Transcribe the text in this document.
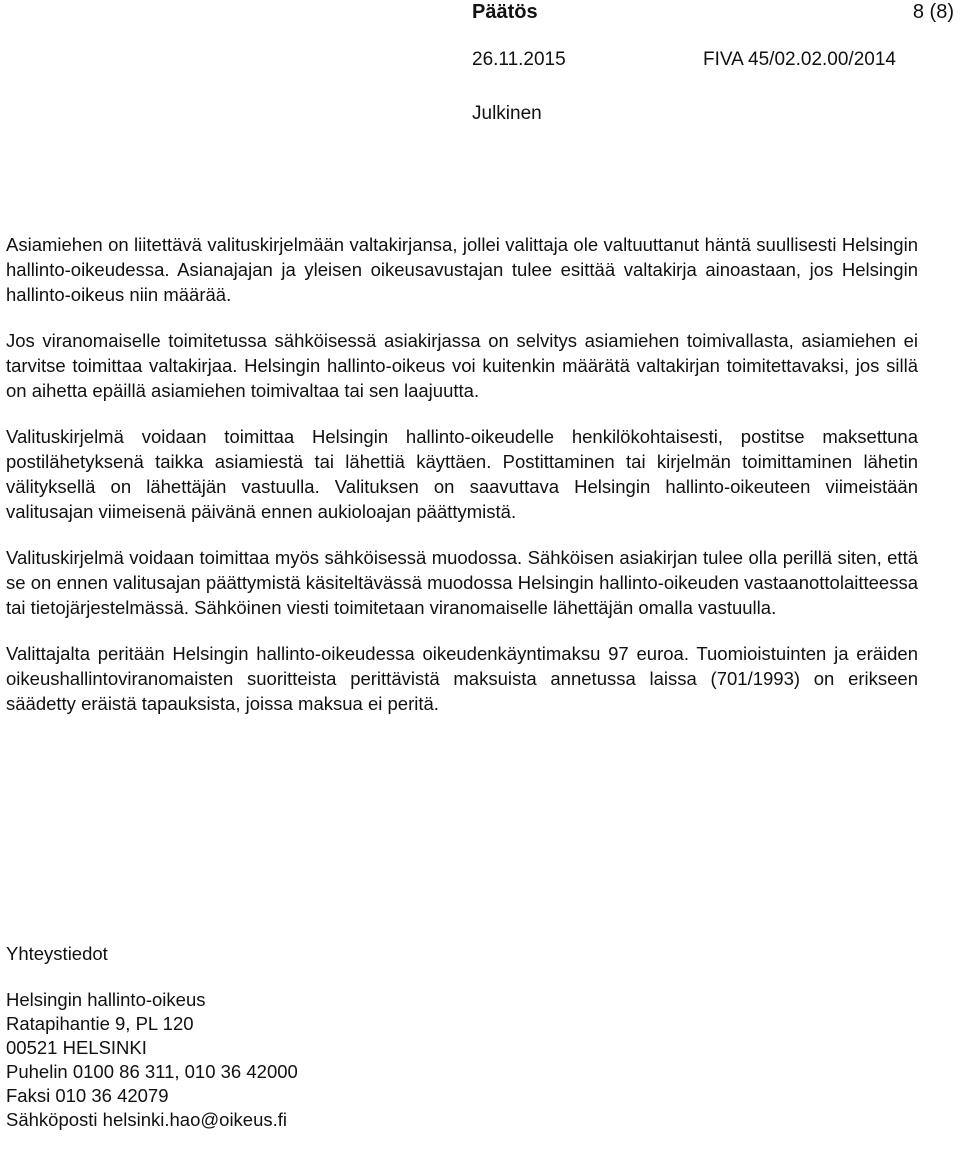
Päätös	8 (8)
26.11.2015	FIVA 45/02.02.00/2014
Julkinen

Asiamiehen on liitettävä valituskirjelmään valtakirjansa, jollei valittaja ole valtuuttanut häntä suullisesti Helsingin hallinto-oikeudessa. Asianajajan ja yleisen oikeusavustajan tulee esittää valtakirja ainoastaan, jos Helsingin hallinto-oikeus niin määrää.

Jos viranomaiselle toimitetussa sähköisessä asiakirjassa on selvitys asiamiehen toimivallasta, asiamiehen ei tarvitse toimittaa valtakirjaa. Helsingin hallinto-oikeus voi kuitenkin määrätä valtakirjan toimitettavaksi, jos sillä on aihetta epäillä asiamiehen toimivaltaa tai sen laajuutta.

Valituskirjelmä voidaan toimittaa Helsingin hallinto-oikeudelle henkilökohtaisesti, postitse maksettuna postilähetyksenä taikka asiamiestä tai lähettiä käyttäen. Postittaminen tai kirjelmän toimittaminen lähetin välityksellä on lähettäjän vastuulla. Valituksen on saavuttava Helsingin hallinto-oikeuteen viimeistään valitusajan viimeisenä päivänä ennen aukioloajan päättymistä.

Valituskirjelmä voidaan toimittaa myös sähköisessä muodossa. Sähköisen asiakirjan tulee olla perillä siten, että se on ennen valitusajan päättymistä käsiteltävässä muodossa Helsingin hallinto-oikeuden vastaanottolaitteessa tai tietojärjestelmässä. Sähköinen viesti toimitetaan viranomaiselle lähettäjän omalla vastuulla.

Valittajalta peritään Helsingin hallinto-oikeudessa oikeudenkäyntimaksu 97 euroa. Tuomioistuinten ja eräiden oikeushallintoviranomaisten suoritteista perittävistä maksuista annetussa laissa (701/1993) on erikseen säädetty eräistä tapauksista, joissa maksua ei peritä.

Yhteystiedot
Helsingin hallinto-oikeus
Ratapihantie 9, PL 120
00521 HELSINKI
Puhelin 0100 86 311, 010 36 42000
Faksi 010 36 42079
Sähköposti helsinki.hao@oikeus.fi
